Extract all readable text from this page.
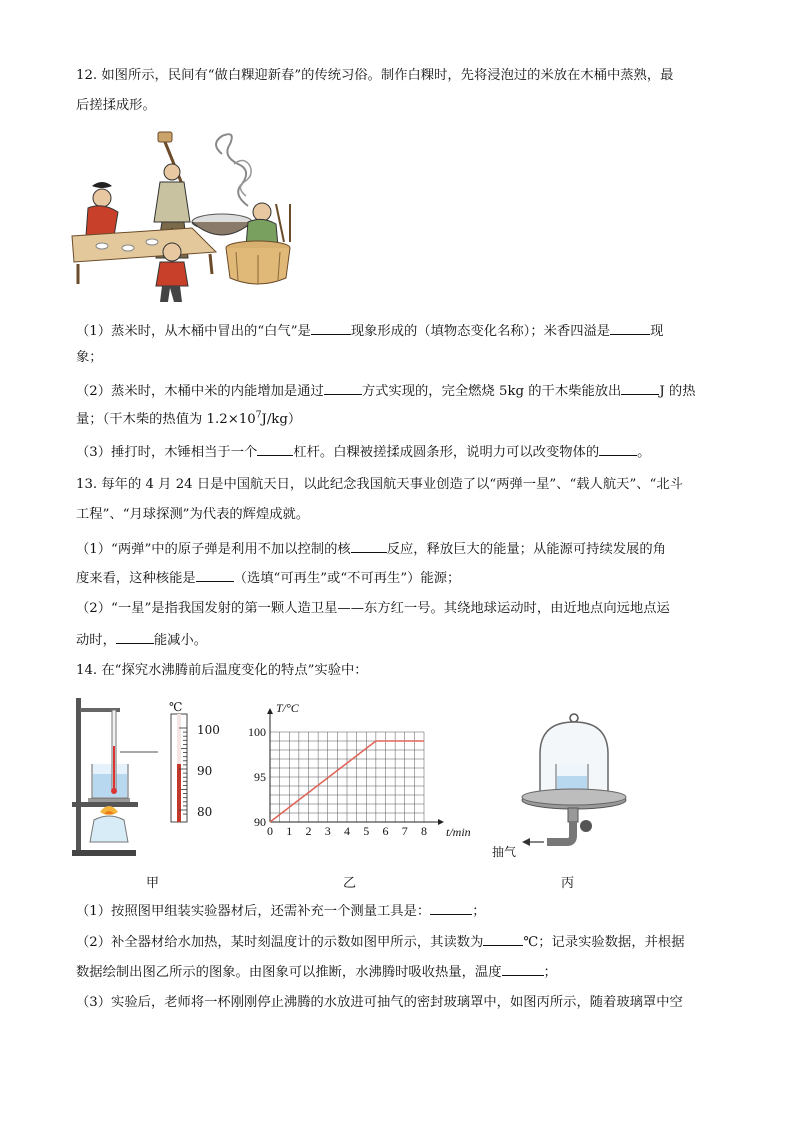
12. 如图所示，民间有“做白粿迎新春”的传统习俗。制作白粿时，先将浸泡过的米放在木桶中蒸熟，最
后搓揉成形。
（1）蒸米时，从木桶中冒出的“白气”是	现象形成的（填物态变化名称）；米香四溢是	现
象；
（2）蒸米时，木桶中米的内能增加是通过	方式实现的，完全燃烧 5kg 的干木柴能放出	J 的热
量；（干木柴的热值为 $1.2\times 10^7J/kg$）
（3）捶打时，木锤相当于一个	杠杆。白粿被搓揉成圆条形，说明力可以改变物体的	。
13. 每年的 4 月 24 日是中国航天日，以此纪念我国航天事业创造了以“两弹一星”、“载人航天”、“北斗
工程”、“月球探测”为代表的辉煌成就。
（1）“两弹”中的原子弹是利用不加以控制的核	反应，释放巨大的能量；从能源可持续发展的角
度来看，这种核能是	（选填“可再生”或“不可再生”）能源；
（2）“一星”是指我国发射的第一颗人造卫星——东方红一号。其绕地球运动时，由近地点向远地点运
动时，	能减小。
14. 在“探究水沸腾前后温度变化的特点”实验中：
℃
100
90
80
0 1 2 3 4 5 6 7 8
90
95
100
t/min
T/°C
抽气
甲	乙	丙
（1）按照图甲组装实验器材后，还需补充一个测量工具是：	；
（2）补全器材给水加热，某时刻温度计的示数如图甲所示，其读数为	℃；记录实验数据，并根据
数据绘制出图乙所示的图象。由图象可以推断，水沸腾时吸收热量，温度	；
（3）实验后，老师将一杯刚刚停止沸腾的水放进可抽气的密封玻璃罩中，如图丙所示，随着玻璃罩中空
